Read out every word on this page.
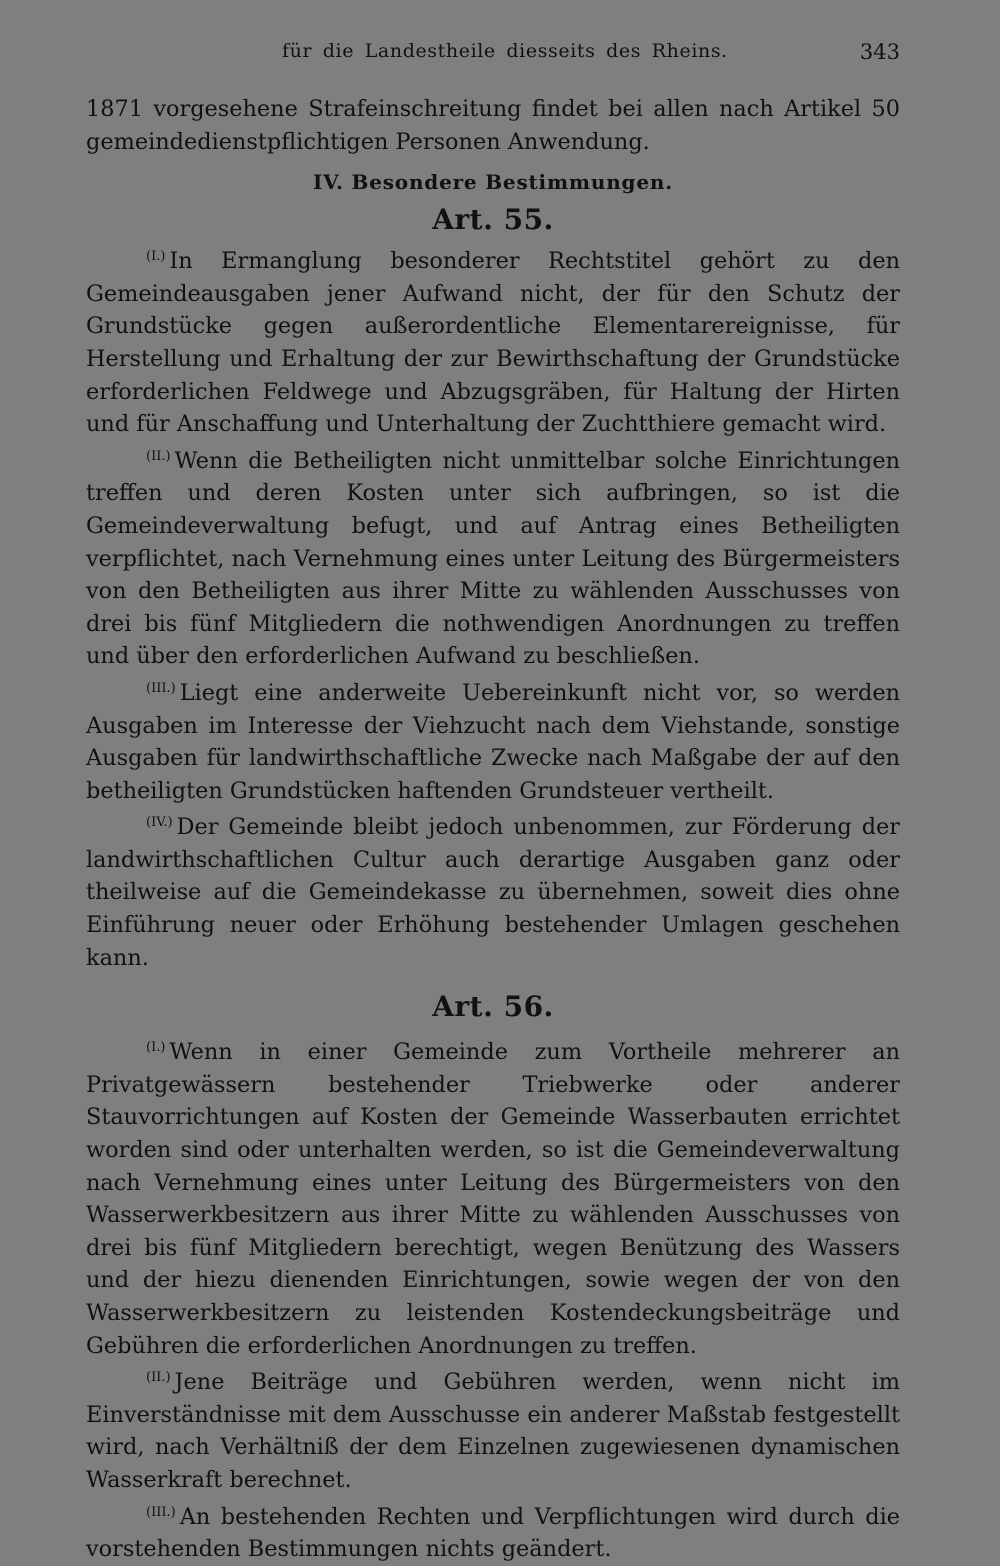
für die Landestheile diesseits des Rheins.	343

1871 vorgesehene Strafeinschreitung findet bei allen nach Artikel 50 gemeindedienstpflichtigen Personen Anwendung.

IV. Besondere Bestimmungen.
Art. 55.

$^{(I.)}$ In Ermanglung besonderer Rechtstitel gehört zu den Gemeindeausgaben jener Aufwand nicht, der für den Schutz der Grundstücke gegen außerordentliche Elementarereignisse, für Herstellung und Erhaltung der zur Bewirthschaftung der Grundstücke erforderlichen Feldwege und Abzugsgräben, für Haltung der Hirten und für Anschaffung und Unterhaltung der Zuchtthiere gemacht wird.

$^{(II.)}$ Wenn die Betheiligten nicht unmittelbar solche Einrichtungen treffen und deren Kosten unter sich aufbringen, so ist die Gemeindeverwaltung befugt, und auf Antrag eines Betheiligten verpflichtet, nach Vernehmung eines unter Leitung des Bürgermeisters von den Betheiligten aus ihrer Mitte zu wählenden Ausschusses von drei bis fünf Mitgliedern die nothwendigen Anordnungen zu treffen und über den erforderlichen Aufwand zu beschließen.

$^{(III.)}$ Liegt eine anderweite Uebereinkunft nicht vor, so werden Ausgaben im Interesse der Viehzucht nach dem Viehstande, sonstige Ausgaben für landwirthschaftliche Zwecke nach Maßgabe der auf den betheiligten Grundstücken haftenden Grundsteuer vertheilt.

$^{(IV.)}$ Der Gemeinde bleibt jedoch unbenommen, zur Förderung der landwirthschaftlichen Cultur auch derartige Ausgaben ganz oder theilweise auf die Gemeindekasse zu übernehmen, soweit dies ohne Einführung neuer oder Erhöhung bestehender Umlagen geschehen kann.

Art. 56.

$^{(I.)}$ Wenn in einer Gemeinde zum Vortheile mehrerer an Privatgewässern bestehender Triebwerke oder anderer Stauvorrichtungen auf Kosten der Gemeinde Wasserbauten errichtet worden sind oder unterhalten werden, so ist die Gemeindeverwaltung nach Vernehmung eines unter Leitung des Bürgermeisters von den Wasserwerkbesitzern aus ihrer Mitte zu wählenden Ausschusses von drei bis fünf Mitgliedern berechtigt, wegen Benützung des Wassers und der hiezu dienenden Einrichtungen, sowie wegen der von den Wasserwerkbesitzern zu leistenden Kostendeckungsbeiträge und Gebühren die erforderlichen Anordnungen zu treffen.

$^{(II.)}$ Jene Beiträge und Gebühren werden, wenn nicht im Einverständnisse mit dem Ausschusse ein anderer Maßstab festgestellt wird, nach Verhältniß der dem Einzelnen zugewiesenen dynamischen Wasserkraft berechnet.

$^{(III.)}$ An bestehenden Rechten und Verpflichtungen wird durch die vorstehenden Bestimmungen nichts geändert.
